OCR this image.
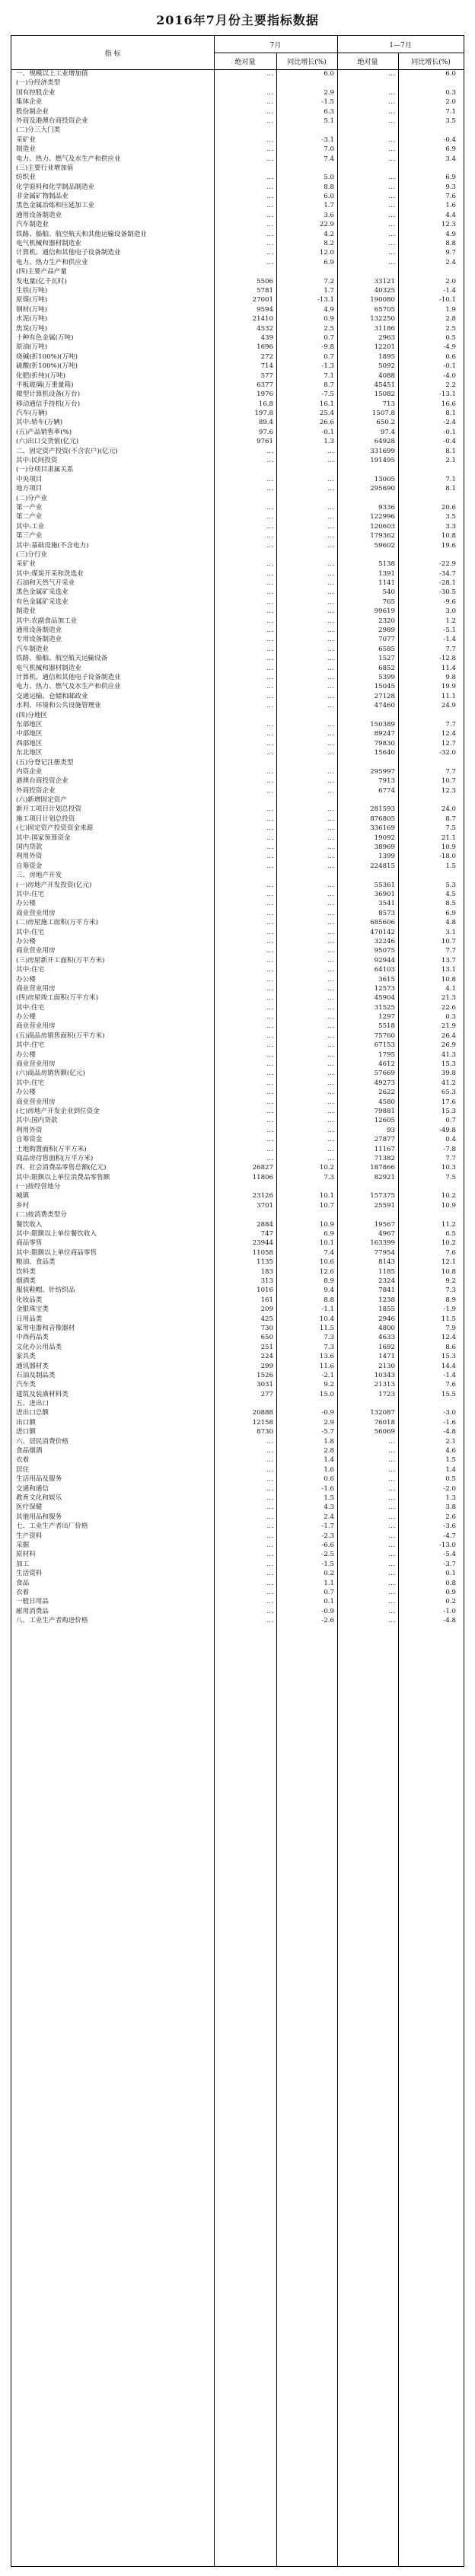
2016年7月份主要指标数据
指 标
7月	1—7月
绝对量	同比增长(%)	绝对量	同比增长(%)
一、规模以上工业增加值	…	6.0	…	6.0
(一)分经济类型
国有控股企业	…	2.9	…	0.3
集体企业	…	-1.5	…	2.0
股份制企业	…	6.3	…	7.1
外商及港澳台商投资企业	…	5.1	…	3.5
(二)分三大门类
采矿业	…	-3.1	…	-0.4
制造业	…	7.0	…	6.9
电力、热力、燃气及水生产和供应业	…	7.4	…	3.4
(三)主要行业增加值
纺织业	…	5.0	…	6.9
化学原料和化学制品制造业	…	8.8	…	9.3
非金属矿物制品业	…	6.0	…	7.6
黑色金属冶炼和压延加工业	…	1.7	…	1.6
通用设备制造业	…	3.6	…	4.4
汽车制造业	…	22.9	…	12.3
铁路、船舶、航空航天和其他运输设备制造业	…	4.2	…	4.9
电气机械和器材制造业	…	8.2	…	8.8
计算机、通信和其他电子设备制造业	…	12.0	…	9.7
电力、热力生产和供应业	…	6.9	…	2.4
(四)主要产品产量
发电量(亿千瓦时)	5506	7.2	33121	2.0
生铁(万吨)	5781	1.7	40325	-1.4
原煤(万吨)	27001	-13.1	190080	-10.1
钢材(万吨)	9594	4.9	65705	1.9
水泥(万吨)	21410	0.9	132250	2.8
焦炭(万吨)	4532	2.5	31186	2.5
十种有色金属(万吨)	439	0.7	2963	0.5
原油(万吨)	1696	-9.8	12201	-4.9
烧碱(折100%)(万吨)	272	0.7	1895	0.6
硫酸(折100%)(万吨)	714	-1.3	5092	-0.1
化肥(折纯)(万吨)	577	7.1	4088	-4.0
平板玻璃(万重量箱)	6377	8.7	45451	2.2
微型计算机设备(万台)	1976	-7.5	15082	-13.1
移动通信手持机(万台)	16.8	16.1	713	16.6
汽车(万辆)	197.8	25.4	1507.8	8.1
其中:轿车(万辆)	89.4	26.6	650.2	-2.4
(五)产品销售率(%)	97.6	-0.1	97.4	-0.1
(六)出口交货值(亿元)	9761	1.3	64928	-0.4
二、固定资产投资(不含农户)(亿元)	…	…	331699	8.1
其中:民间投资	…	…	191495	2.1
(一)分项目隶属关系
中央项目	…	…	13005	7.1
地方项目	…	…	295690	8.1
(二)分产业
第一产业	…	…	9336	20.6
第二产业	…	…	122996	3.5
其中:工业	…	…	120603	3.3
第三产业	…	…	179362	10.8
其中:基础设施(不含电力)	…	…	59602	19.6
(三)分行业
采矿业	…	…	5138	-22.9
其中:煤炭开采和洗选业	…	…	1391	-34.7
石油和天然气开采业	…	…	1141	-28.1
黑色金属矿采选业	…	…	540	-30.5
有色金属矿采选业	…	…	765	-9.6
制造业	…	…	99619	3.0
其中:农副食品加工业	…	…	2320	1.2
通用设备制造业	…	…	2989	-5.1
专用设备制造业	…	…	7077	-1.4
汽车制造业	…	…	6585	7.7
铁路、船舶、航空航天运输设备	…	…	1527	-12.8
电气机械和器材制造业	…	…	6852	11.4
计算机、通信和其他电子设备制造业	…	…	5399	9.8
电力、热力、燃气及水生产和供应业	…	…	15045	19.9
交通运输、仓储和邮政业	…	…	27128	11.1
水利、环境和公共设施管理业	…	…	47460	24.9
(四)分地区
东部地区	…	…	150389	7.7
中部地区	…	…	89247	12.4
西部地区	…	…	79830	12.7
东北地区	…	…	15640	-32.0
(五)分登记注册类型
内资企业	…	…	295997	7.7
港澳台商投资企业	…	…	7913	10.7
外商投资企业	…	…	6774	12.3
(六)新增固定资产
新开工项目计划总投资	…	…	281593	24.0
施工项目计划总投资	…	…	876805	8.7
(七)固定资产投资资金来源	…	…	336169	7.5
其中:国家预算资金	…	…	19092	21.1
国内贷款	…	…	38969	10.9
利用外资	…	…	1399	-18.0
自筹资金	…	…	224815	1.5
三、房地产开发
(一)房地产开发投资(亿元)	…	…	55361	5.3
其中:住宅	…	…	36901	4.5
办公楼	…	…	3541	8.5
商业营业用房	…	…	8573	6.9
(二)房屋施工面积(万平方米)	…	…	685606	4.8
其中:住宅	…	…	470142	3.1
办公楼	…	…	32246	10.7
商业营业用房	…	…	95075	7.7
(三)房屋新开工面积(万平方米)	…	…	92944	13.7
其中:住宅	…	…	64103	13.1
办公楼	…	…	3615	10.8
商业营业用房	…	…	12573	4.1
(四)房屋竣工面积(万平方米)	…	…	45904	21.3
其中:住宅	…	…	31525	22.6
办公楼	…	…	1297	0.3
商业营业用房	…	…	5518	21.9
(五)商品房销售面积(万平方米)	…	…	75760	26.4
其中:住宅	…	…	67153	26.9
办公楼	…	…	1795	41.3
商业营业用房	…	…	4612	15.3
(六)商品房销售额(亿元)	…	…	57669	39.8
其中:住宅	…	…	49273	41.2
办公楼	…	…	2622	65.3
商业营业用房	…	…	4580	17.6
(七)房地产开发企业到位资金	…	…	79881	15.3
其中:国内贷款	…	…	12605	0.7
利用外资	…	…	93	-49.8
自筹资金	…	…	27877	0.4
土地购置面积(万平方米)	…	…	11167	-7.8
商品房待售面积(万平方米)	…	…	71382	7.7
四、社会消费品零售总额(亿元)	26827	10.2	187866	10.3
其中:限额以上单位消费品零售额	11806	7.3	82921	7.5
(一)按经营地分
城镇	23126	10.1	157375	10.2
乡村	3701	10.7	25591	10.9
(二)按消费类型分
餐饮收入	2884	10.9	19567	11.2
其中:限额以上单位餐饮收入	747	6.9	4967	6.5
商品零售	23944	10.1	163399	10.2
其中:限额以上单位商品零售	11058	7.4	77954	7.6
粮油、食品类	1135	10.6	8143	12.1
饮料类	183	12.6	1185	10.8
烟酒类	313	8.9	2324	9.2
服装鞋帽、针纺织品	1016	9.4	7841	7.3
化妆品类	161	8.8	1238	8.9
金银珠宝类	209	-1.1	1855	-1.9
日用品类	425	10.4	2946	11.5
家用电器和音像器材	730	11.5	4800	7.9
中西药品类	650	7.3	4633	12.4
文化办公用品类	251	7.3	1692	8.6
家具类	224	13.6	1471	15.3
通讯器材类	299	11.6	2130	14.4
石油及制品类	1526	-2.1	10343	-1.4
汽车类	3031	9.2	21313	7.6
建筑及装潢材料类	277	15.0	1723	15.5
五、进出口
进出口总额	20888	-0.9	132087	-3.0
出口额	12158	2.9	76018	-1.6
进口额	8730	-5.7	56069	-4.8
六、居民消费价格	…	1.8	…	2.1
食品烟酒	…	2.8	…	4.6
衣着	…	1.4	…	1.5
居住	…	1.6	…	1.4
生活用品及服务	…	0.6	…	0.5
交通和通信	…	-1.6	…	-2.0
教育文化和娱乐	…	1.5	…	1.3
医疗保健	…	4.3	…	3.8
其他用品和服务	…	2.4	…	2.6
七、工业生产者出厂价格	…	-1.7	…	-3.6
生产资料	…	-2.3	…	-4.7
采掘	…	-6.6	…	-13.0
原材料	…	-2.5	…	-5.4
加工	…	-1.5	…	-3.7
生活资料	…	0.2	…	0.1
食品	…	1.1	…	0.8
衣着	…	0.7	…	0.9
一般日用品	…	0.1	…	0.2
耐用消费品	…	-0.9	…	-1.0
八、工业生产者购进价格	…	-2.6	…	-4.8
